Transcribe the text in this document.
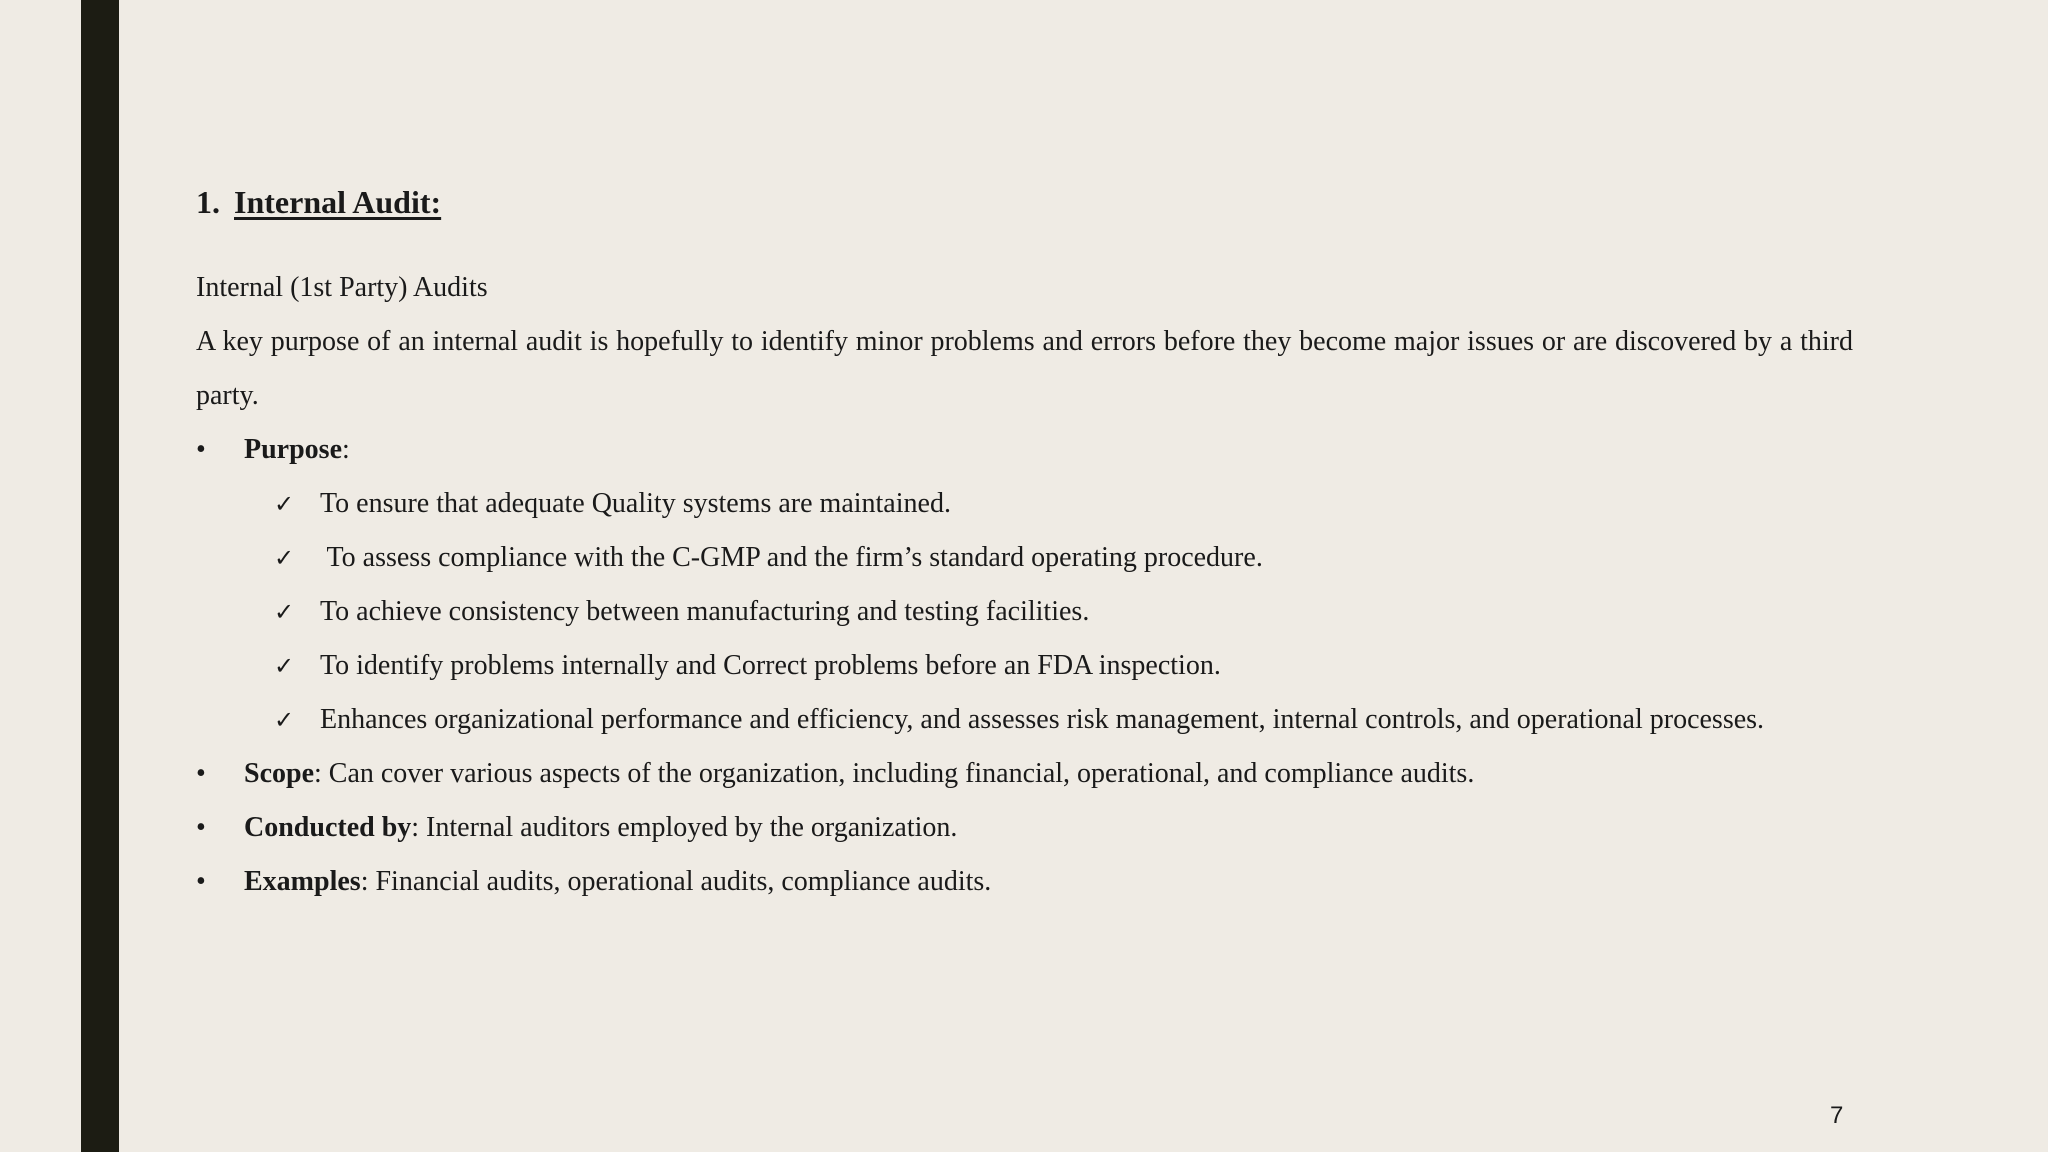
1. Internal Audit:
Internal (1st Party) Audits
A key purpose of an internal audit is hopefully to identify minor problems and errors before they become major issues or are discovered by a third party.
• Purpose:
✓ To ensure that adequate Quality systems are maintained.
✓ To assess compliance with the C-GMP and the firm’s standard operating procedure.
✓ To achieve consistency between manufacturing and testing facilities.
✓ To identify problems internally and Correct problems before an FDA inspection.
✓ Enhances organizational performance and efficiency, and assesses risk management, internal controls, and operational processes.
• Scope: Can cover various aspects of the organization, including financial, operational, and compliance audits.
• Conducted by: Internal auditors employed by the organization.
• Examples: Financial audits, operational audits, compliance audits.
7
